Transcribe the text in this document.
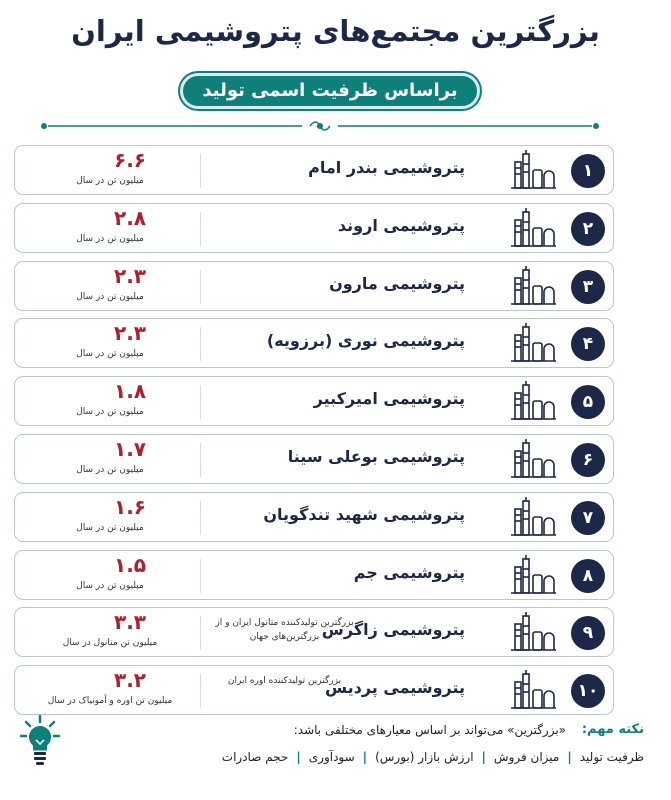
بزرگترین مجتمع‌های پتروشیمی ایران
براساس ظرفیت اسمی تولید
۱
پتروشیمی بندر امام
۶.۶
میلیون تن در سال
۲
پتروشیمی اروند
۲.۸
میلیون تن در سال
۳
پتروشیمی مارون
۲.۳
میلیون تن در سال
۴
پتروشیمی نوری (برزویه)
۲.۳
میلیون تن در سال
۵
پتروشیمی امیرکبیر
۱.۸
میلیون تن در سال
۶
پتروشیمی بوعلی سینا
۱.۷
میلیون تن در سال
۷
پتروشیمی شهید تندگویان
۱.۶
میلیون تن در سال
۸
پتروشیمی جم
۱.۵
میلیون تن در سال
۹
پتروشیمی زاگرس
بزرگترین تولیدکننده متانول ایران و از بزرگترین‌های جهان
۳.۳
میلیون تن متانول در سال
۱۰
پتروشیمی پردیس
بزرگترین تولیدکننده اوره ایران
۳.۲
میلیون تن اوره و آمونیاک در سال
نکته مهم:
«بزرگترین» می‌تواند بر اساس معیارهای مختلفی باشد:
ظرفیت تولید
|
میزان فروش
|
ارزش بازار (بورس)
|
سودآوری
|
حجم صادرات
